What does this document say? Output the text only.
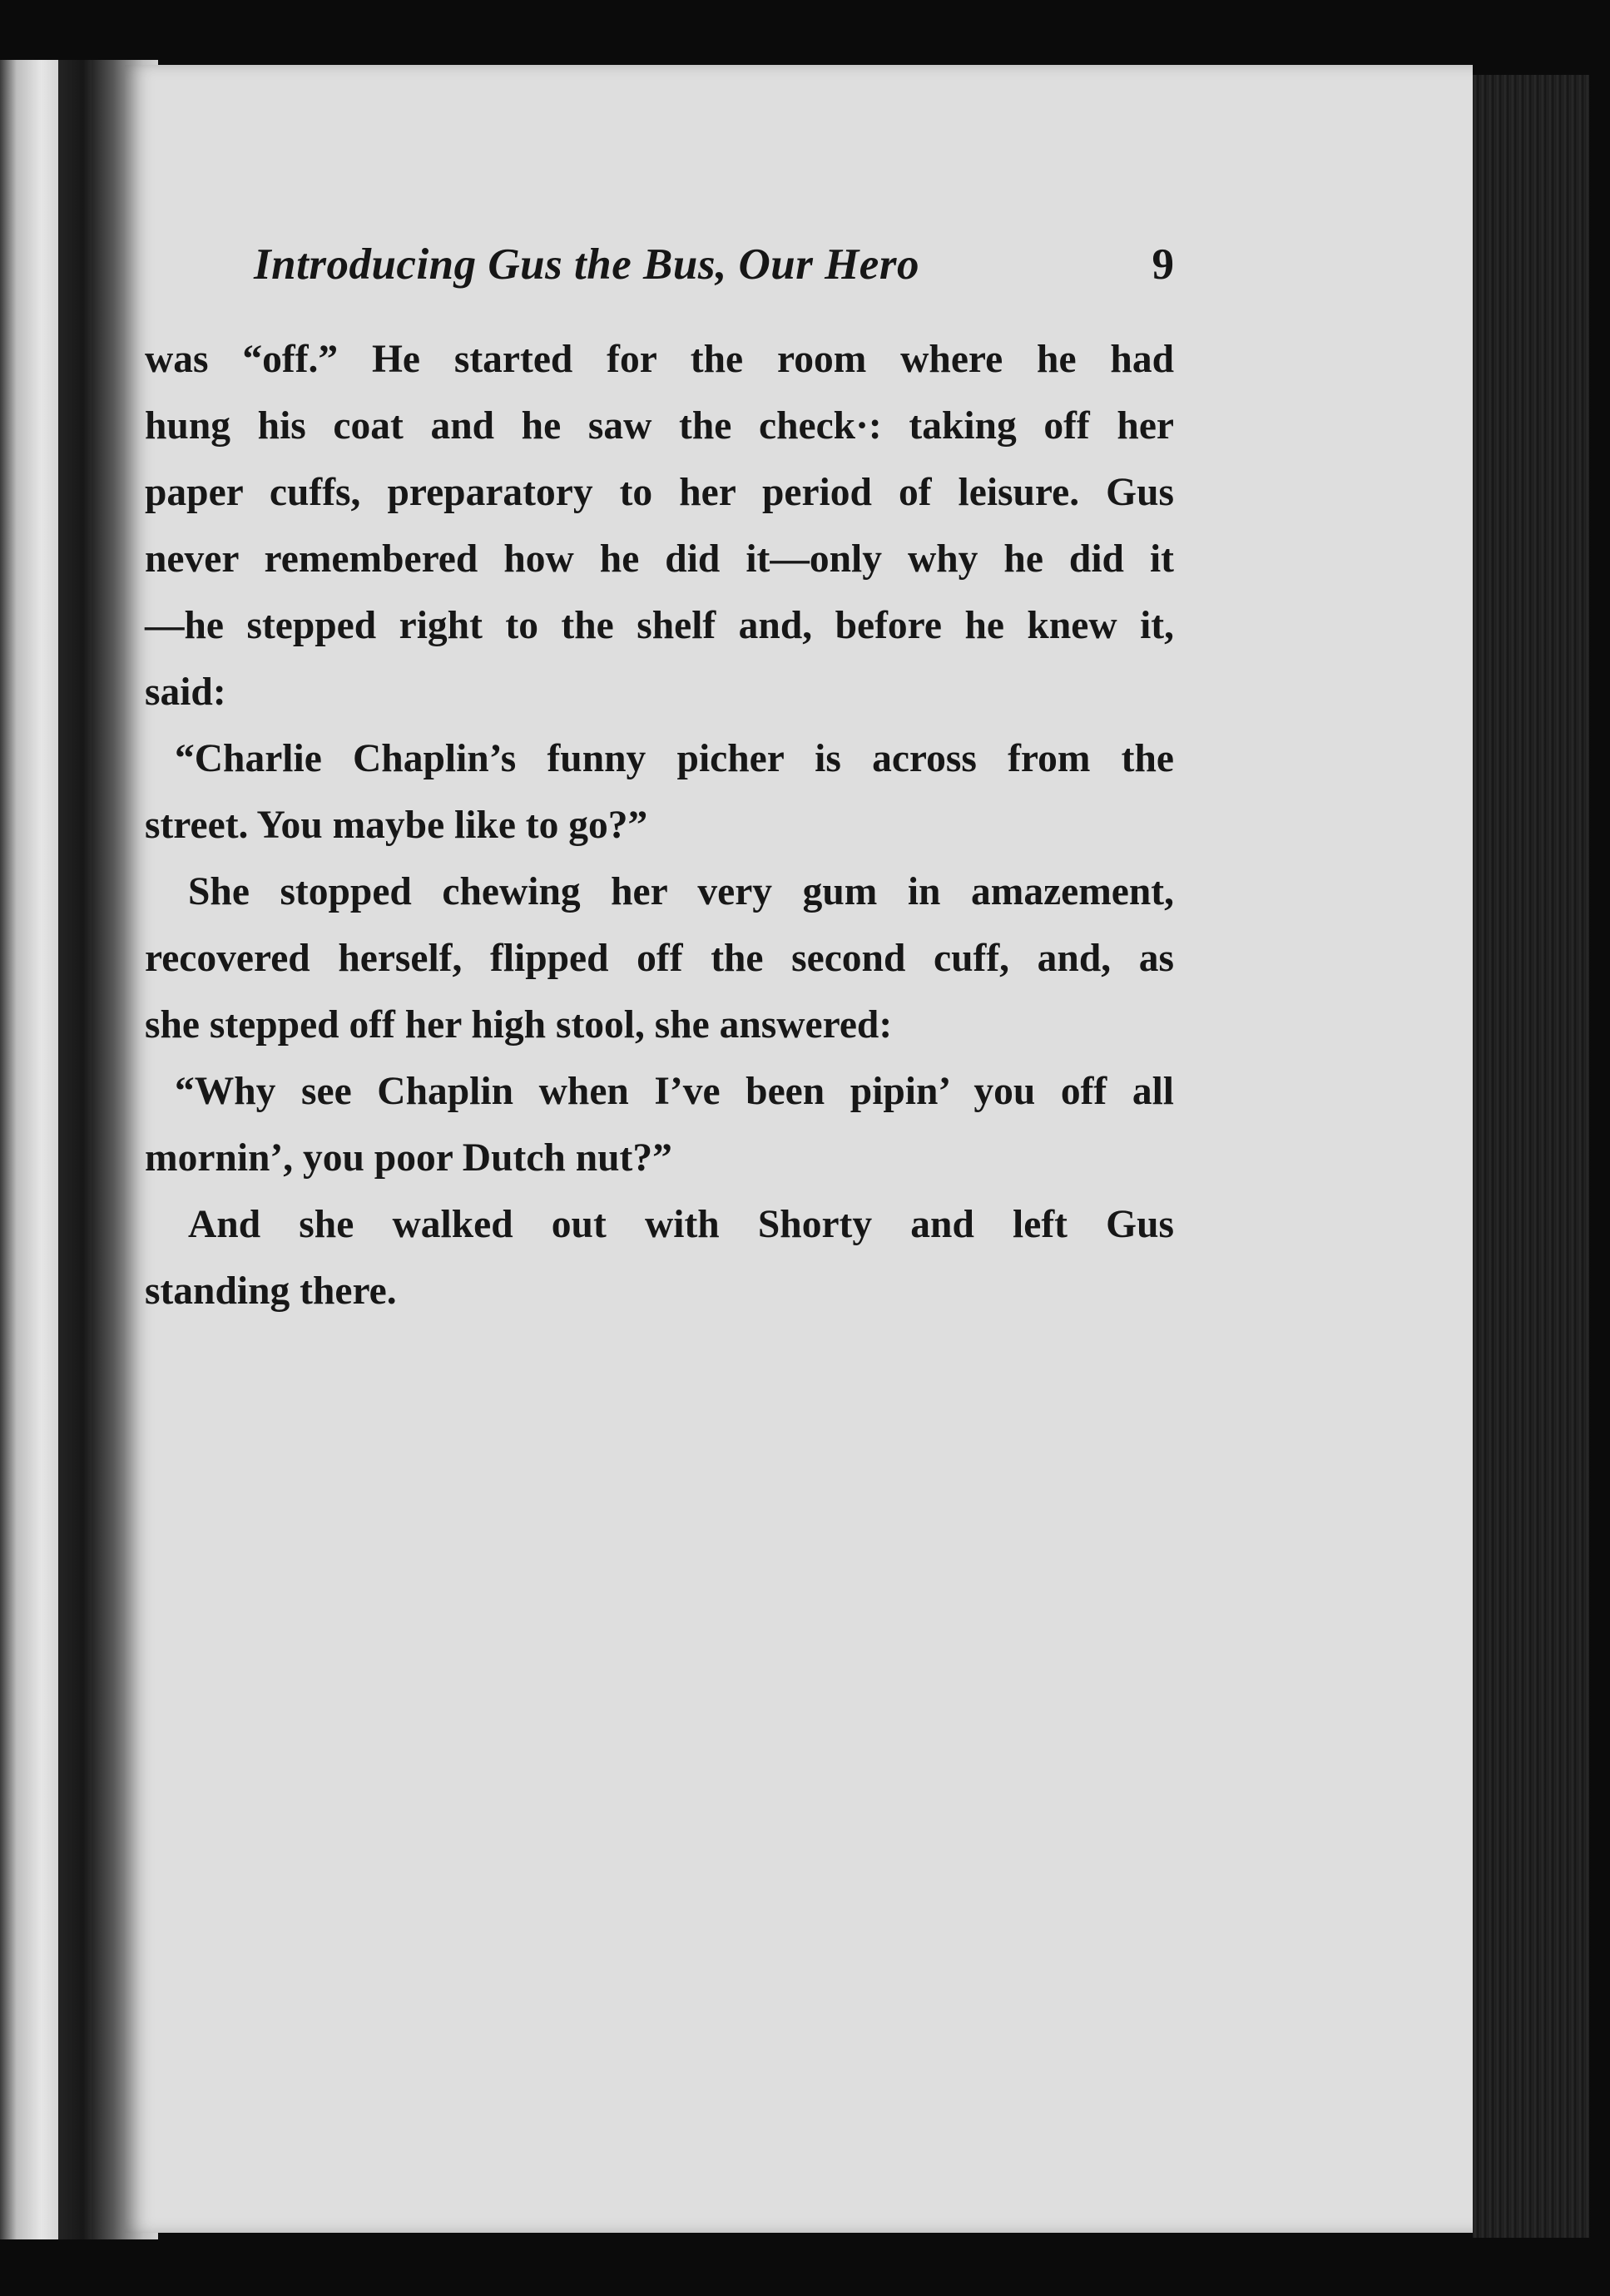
Introducing Gus the Bus, Our Hero	9
was “off.” He started for the room where he had
hung his coat and he saw the check·: taking off her
paper cuffs, preparatory to her period of leisure. Gus
never remembered how he did it—only why he did it
—he stepped right to the shelf and, before he knew it,
said:
“Charlie Chaplin’s funny picher is across from the
street. You maybe like to go?”
She stopped chewing her very gum in amazement,
recovered herself, flipped off the second cuff, and, as
she stepped off her high stool, she answered:
“Why see Chaplin when I’ve been pipin’ you off all
mornin’, you poor Dutch nut?”
And she walked out with Shorty and left Gus
standing there.
